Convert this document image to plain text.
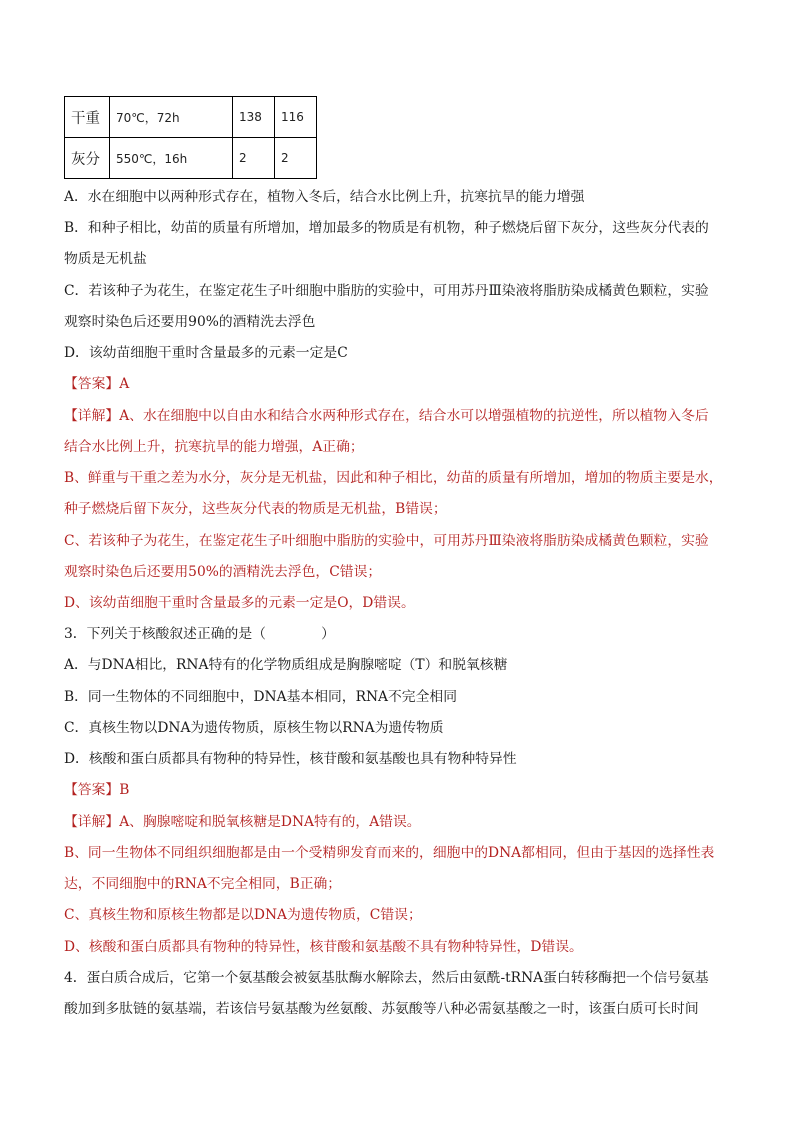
干重	70℃，72h	138	116
灰分	550℃，16h	2	2
A．水在细胞中以两种形式存在，植物入冬后，结合水比例上升，抗寒抗旱的能力增强
B．和种子相比，幼苗的质量有所增加，增加最多的物质是有机物，种子燃烧后留下灰分，这些灰分代表的
物质是无机盐
C．若该种子为花生，在鉴定花生子叶细胞中脂肪的实验中，可用苏丹Ⅲ染液将脂肪染成橘黄色颗粒，实验
观察时染色后还要用90%的酒精洗去浮色
D．该幼苗细胞干重时含量最多的元素一定是C
【答案】A
【详解】A、水在细胞中以自由水和结合水两种形式存在，结合水可以增强植物的抗逆性，所以植物入冬后
结合水比例上升，抗寒抗旱的能力增强，A正确；
B、鲜重与干重之差为水分，灰分是无机盐，因此和种子相比，幼苗的质量有所增加，增加的物质主要是水，
种子燃烧后留下灰分，这些灰分代表的物质是无机盐，B错误；
C、若该种子为花生，在鉴定花生子叶细胞中脂肪的实验中，可用苏丹Ⅲ染液将脂肪染成橘黄色颗粒，实验
观察时染色后还要用50%的酒精洗去浮色，C错误；
D、该幼苗细胞干重时含量最多的元素一定是O，D错误。
3．下列关于核酸叙述正确的是（　　　　）
A．与DNA相比，RNA特有的化学物质组成是胸腺嘧啶（T）和脱氧核糖
B．同一生物体的不同细胞中，DNA基本相同，RNA不完全相同
C．真核生物以DNA为遗传物质，原核生物以RNA为遗传物质
D．核酸和蛋白质都具有物种的特异性，核苷酸和氨基酸也具有物种特异性
【答案】B
【详解】A、胸腺嘧啶和脱氧核糖是DNA特有的，A错误。
B、同一生物体不同组织细胞都是由一个受精卵发育而来的，细胞中的DNA都相同，但由于基因的选择性表
达，不同细胞中的RNA不完全相同，B正确；
C、真核生物和原核生物都是以DNA为遗传物质，C错误；
D、核酸和蛋白质都具有物种的特异性，核苷酸和氨基酸不具有物种特异性，D错误。
4．蛋白质合成后，它第一个氨基酸会被氨基肽酶水解除去，然后由氨酰-tRNA蛋白转移酶把一个信号氨基
酸加到多肽链的氨基端，若该信号氨基酸为丝氨酸、苏氨酸等八种必需氨基酸之一时，该蛋白质可长时间
